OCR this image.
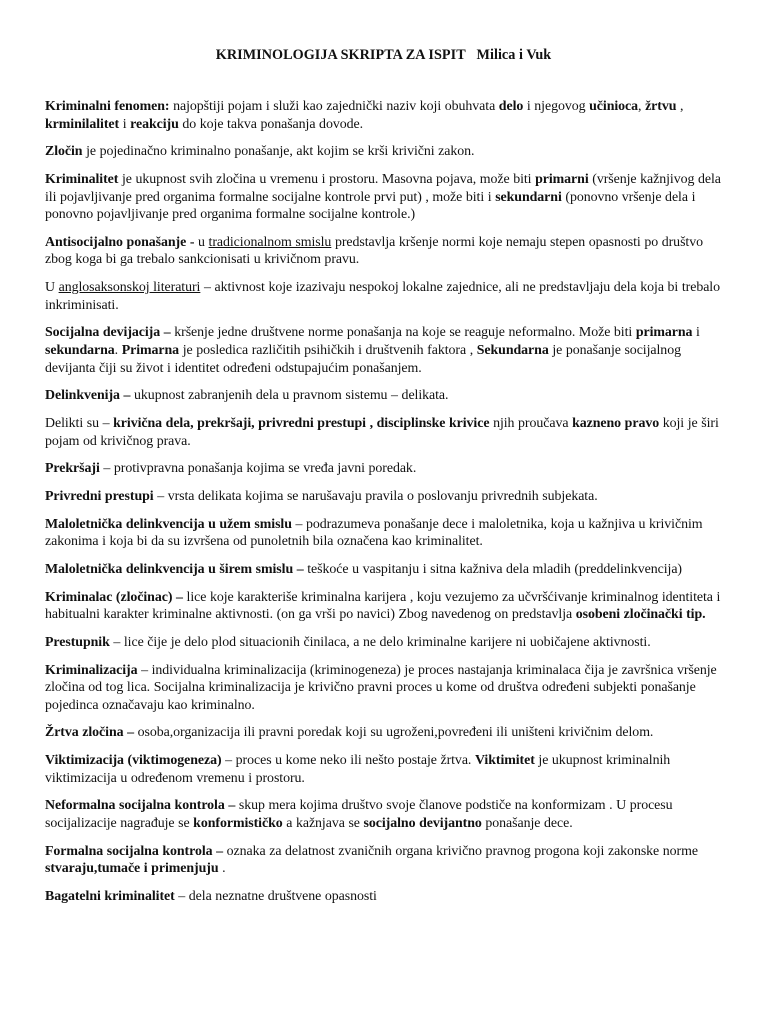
KRIMINOLOGIJA SKRIPTA ZA ISPIT Milica i Vuk

Kriminalni fenomen: najopštiji pojam i služi kao zajednički naziv koji obuhvata delo i njegovog učinioca, žrtvu , krminilalitet i reakciju do koje takva ponašanja dovode.

Zločin je pojedinačno kriminalno ponašanje, akt kojim se krši krivični zakon.

Kriminalitet je ukupnost svih zločina u vremenu i prostoru. Masovna pojava, može biti primarni (vršenje kažnjivog dela ili pojavljivanje pred organima formalne socijalne kontrole prvi put) , može biti i sekundarni (ponovno vršenje dela i ponovno pojavljivanje pred organima formalne socijalne kontrole.)

Antisocijalno ponašanje - u tradicionalnom smislu predstavlja kršenje normi koje nemaju stepen opasnosti po društvo zbog koga bi ga trebalo sankcionisati u krivičnom pravu.

U anglosaksonskoj literaturi – aktivnost koje izazivaju nespokoj lokalne zajednice, ali ne predstavljaju dela koja bi trebalo inkriminisati.

Socijalna devijacija – kršenje jedne društvene norme ponašanja na koje se reaguje neformalno. Može biti primarna i sekundarna. Primarna je posledica različitih psihičkih i društvenih faktora , Sekundarna je ponašanje socijalnog devijanta čiji su život i identitet određeni odstupajućim ponašanjem.

Delinkvenija – ukupnost zabranjenih dela u pravnom sistemu – delikata.

Delikti su – krivična dela, prekršaji, privredni prestupi , disciplinske krivice njih proučava kazneno pravo koji je širi pojam od krivičnog prava.

Prekršaji – protivpravna ponašanja kojima se vređa javni poredak.

Privredni prestupi – vrsta delikata kojima se narušavaju pravila o poslovanju privrednih subjekata.

Maloletnička delinkvencija u užem smislu – podrazumeva ponašanje dece i maloletnika, koja u kažnjiva u krivičnim zakonima i koja bi da su izvršena od punoletnih bila označena kao kriminalitet.

Maloletnička delinkvencija u širem smislu – teškoće u vaspitanju i sitna kažniva dela mladih (preddelinkvencija)

Kriminalac (zločinac) – lice koje karakteriše kriminalna karijera , koju vezujemo za učvršćivanje kriminalnog identiteta i habitualni karakter kriminalne aktivnosti. (on ga vrši po navici) Zbog navedenog on predstavlja osobeni zločinački tip.

Prestupnik – lice čije je delo plod situacionih činilaca, a ne delo kriminalne karijere ni uobičajene aktivnosti.

Kriminalizacija – individualna kriminalizacija (kriminogeneza) je proces nastajanja kriminalaca čija je završnica vršenje zločina od tog lica. Socijalna kriminalizacija je krivično pravni proces u kome od društva određeni subjekti ponašanje pojedinca označavaju kao kriminalno.

Žrtva zločina – osoba,organizacija ili pravni poredak koji su ugroženi,povređeni ili uništeni krivičnim delom.

Viktimizacija (viktimogeneza) – proces u kome neko ili nešto postaje žrtva. Viktimitet je ukupnost kriminalnih viktimizacija u određenom vremenu i prostoru.

Neformalna socijalna kontrola – skup mera kojima društvo svoje članove podstiče na konformizam . U procesu socijalizacije nagrađuje se konformističko a kažnjava se socijalno devijantno ponašanje dece.

Formalna socijalna kontrola – oznaka za delatnost zvaničnih organa krivično pravnog progona koji zakonske norme stvaraju,tumače i primenjuju .

Bagatelni kriminalitet – dela neznatne društvene opasnosti
